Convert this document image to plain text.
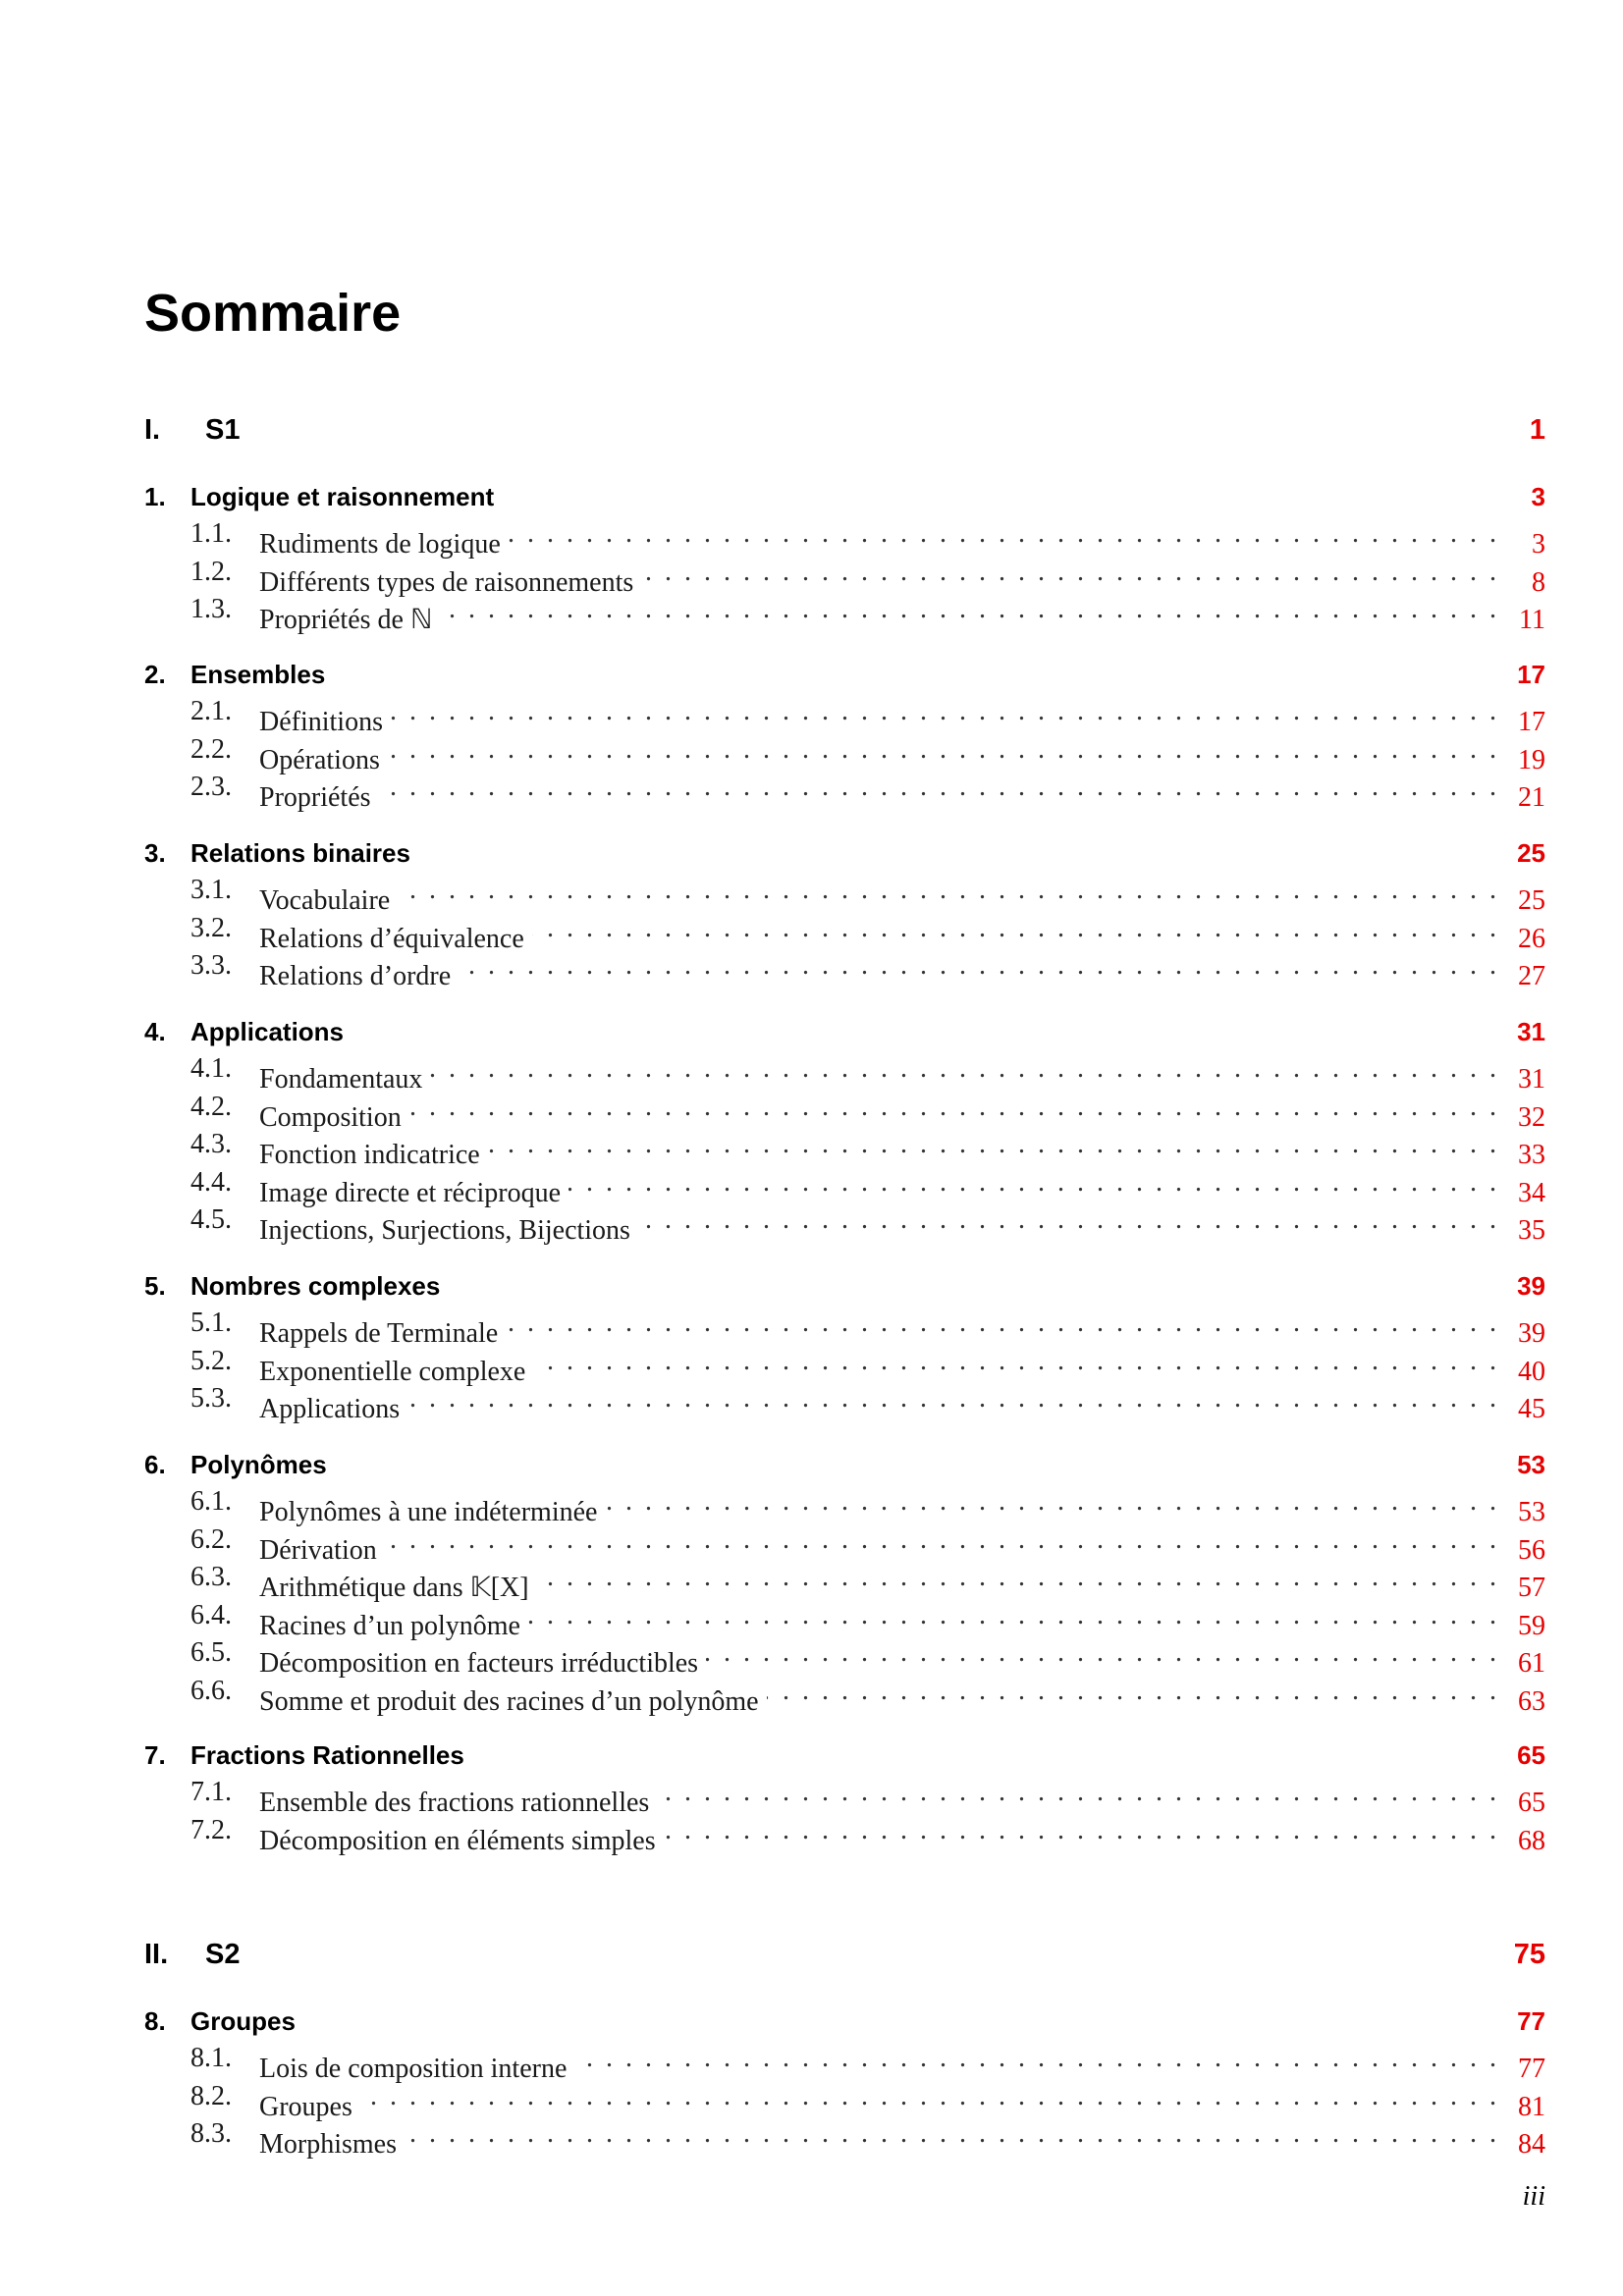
Sommaire
I. S1	1
1. Logique et raisonnement	3
1.1. Rudiments de logique . . .	3
1.2. Différents types de raisonnements . . .	8
1.3. Propriétés de ℕ . . .	11
2. Ensembles	17
2.1. Définitions . . .	17
2.2. Opérations . . .	19
2.3. Propriétés . . .	21
3. Relations binaires	25
3.1. Vocabulaire . . .	25
3.2. Relations d’équivalence . . .	26
3.3. Relations d’ordre . . .	27
4. Applications	31
4.1. Fondamentaux . . .	31
4.2. Composition . . .	32
4.3. Fonction indicatrice . . .	33
4.4. Image directe et réciproque . . .	34
4.5. Injections, Surjections, Bijections . . .	35
5. Nombres complexes	39
5.1. Rappels de Terminale . . .	39
5.2. Exponentielle complexe . . .	40
5.3. Applications . . .	45
6. Polynômes	53
6.1. Polynômes à une indéterminée . . .	53
6.2. Dérivation . . .	56
6.3. Arithmétique dans 𝕂[X] . . .	57
6.4. Racines d’un polynôme . . .	59
6.5. Décomposition en facteurs irréductibles . . .	61
6.6. Somme et produit des racines d’un polynôme . . .	63
7. Fractions Rationnelles	65
7.1. Ensemble des fractions rationnelles . . .	65
7.2. Décomposition en éléments simples . . .	68
II. S2	75
8. Groupes	77
8.1. Lois de composition interne . . .	77
8.2. Groupes . . .	81
8.3. Morphismes . . .	84
iii
